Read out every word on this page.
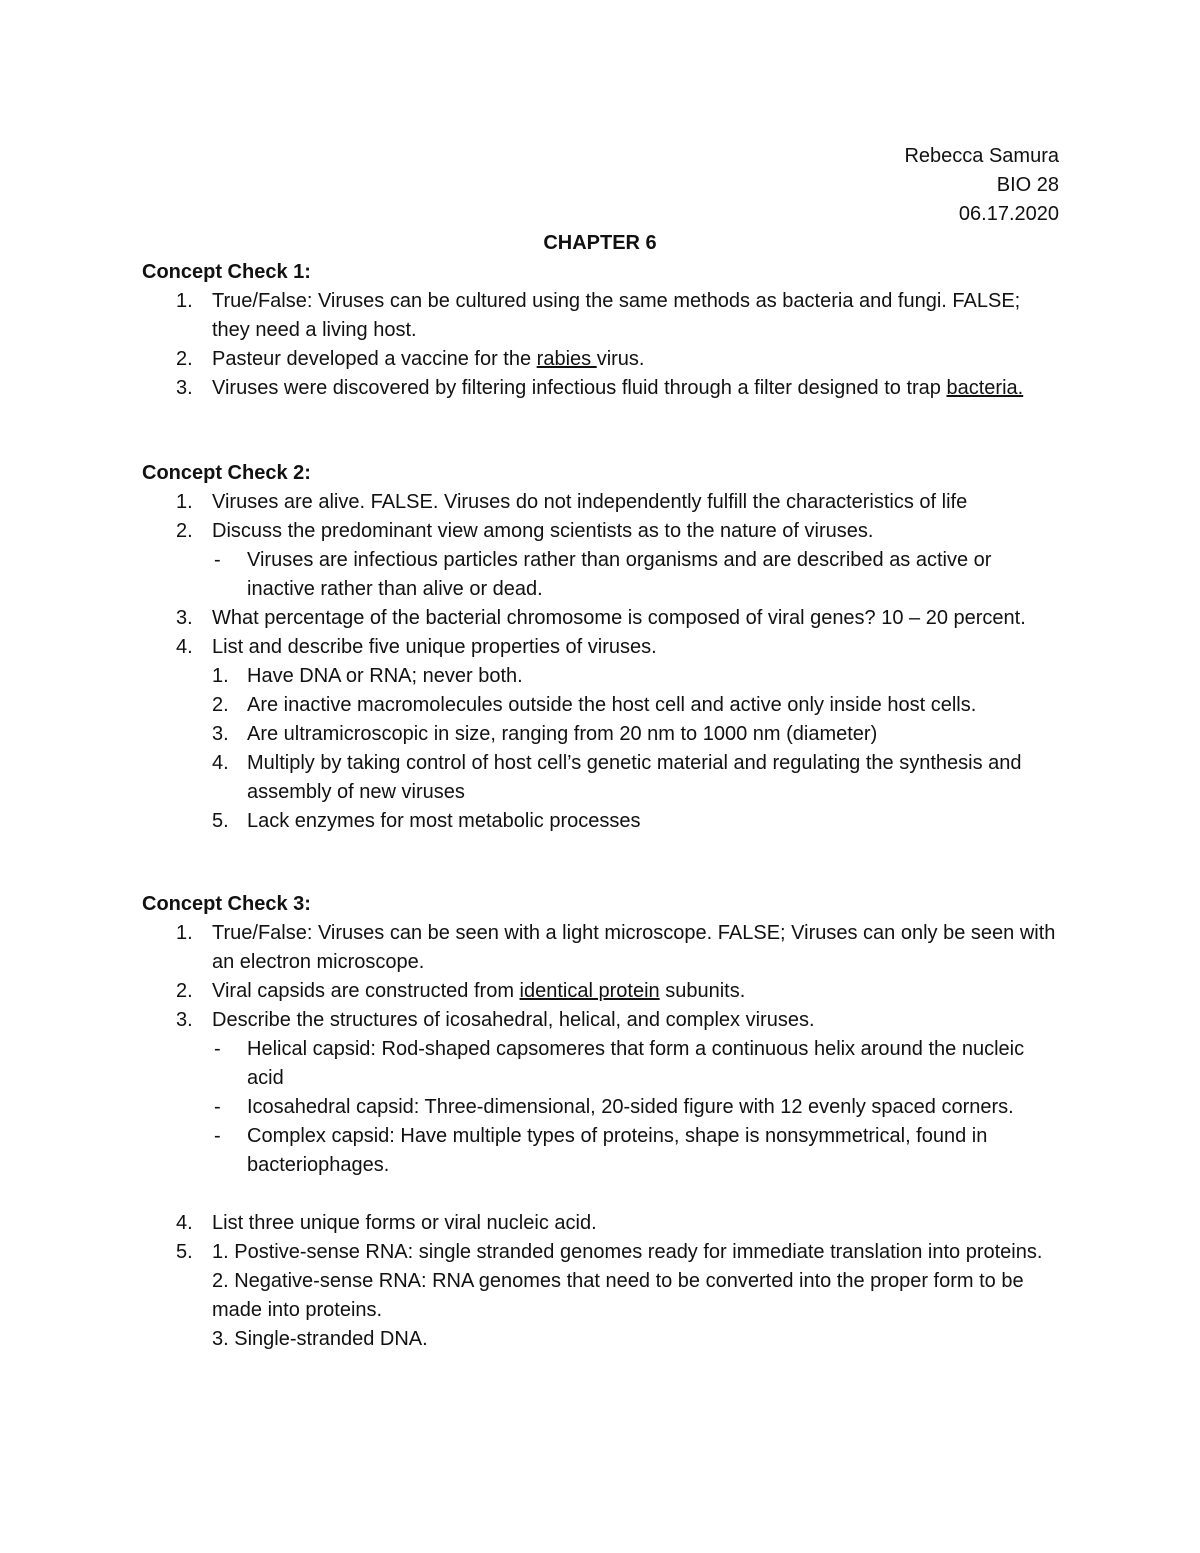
Rebecca Samura
BIO 28
06.17.2020
CHAPTER 6
Concept Check 1:
1. True/False: Viruses can be cultured using the same methods as bacteria and fungi. FALSE; they need a living host.
2. Pasteur developed a vaccine for the rabies virus.
3. Viruses were discovered by filtering infectious fluid through a filter designed to trap bacteria.
Concept Check 2:
1. Viruses are alive. FALSE. Viruses do not independently fulfill the characteristics of life
2. Discuss the predominant view among scientists as to the nature of viruses.
- Viruses are infectious particles rather than organisms and are described as active or inactive rather than alive or dead.
3. What percentage of the bacterial chromosome is composed of viral genes? 10 – 20 percent.
4. List and describe five unique properties of viruses.
1. Have DNA or RNA; never both.
2. Are inactive macromolecules outside the host cell and active only inside host cells.
3. Are ultramicroscopic in size, ranging from 20 nm to 1000 nm (diameter)
4. Multiply by taking control of host cell’s genetic material and regulating the synthesis and assembly of new viruses
5. Lack enzymes for most metabolic processes
Concept Check 3:
1. True/False: Viruses can be seen with a light microscope. FALSE; Viruses can only be seen with an electron microscope.
2. Viral capsids are constructed from identical protein subunits.
3. Describe the structures of icosahedral, helical, and complex viruses.
- Helical capsid: Rod-shaped capsomeres that form a continuous helix around the nucleic acid
- Icosahedral capsid: Three-dimensional, 20-sided figure with 12 evenly spaced corners.
- Complex capsid: Have multiple types of proteins, shape is nonsymmetrical, found in bacteriophages.
4. List three unique forms or viral nucleic acid.
5. 1. Postive-sense RNA: single stranded genomes ready for immediate translation into proteins.
2. Negative-sense RNA: RNA genomes that need to be converted into the proper form to be made into proteins.
3. Single-stranded DNA.
